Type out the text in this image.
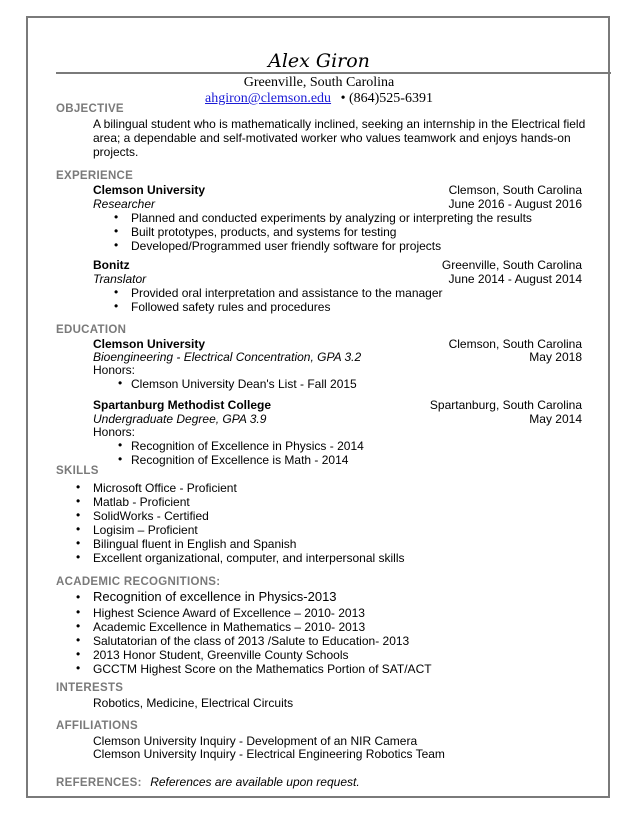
Alex Giron
Greenville, South Carolina
ahgiron@clemson.edu • (864)525-6391
OBJECTIVE
A bilingual student who is mathematically inclined, seeking an internship in the Electrical field area; a dependable and self-motivated worker who values teamwork and enjoys hands-on projects.
EXPERIENCE
Clemson University	Clemson, South Carolina
Researcher	June 2016 - August 2016
• Planned and conducted experiments by analyzing or interpreting the results
• Built prototypes, products, and systems for testing
• Developed/Programmed user friendly software for projects
Bonitz	Greenville, South Carolina
Translator	June 2014 - August 2014
• Provided oral interpretation and assistance to the manager
• Followed safety rules and procedures
EDUCATION
Clemson University	Clemson, South Carolina
Bioengineering - Electrical Concentration, GPA 3.2	May 2018
Honors:
• Clemson University Dean's List - Fall 2015
Spartanburg Methodist College	Spartanburg, South Carolina
Undergraduate Degree, GPA 3.9	May 2014
Honors:
• Recognition of Excellence in Physics - 2014
• Recognition of Excellence is Math - 2014
SKILLS
• Microsoft Office - Proficient
• Matlab - Proficient
• SolidWorks - Certified
• Logisim – Proficient
• Bilingual fluent in English and Spanish
• Excellent organizational, computer, and interpersonal skills
ACADEMIC RECOGNITIONS:
• Recognition of excellence in Physics-2013
• Highest Science Award of Excellence – 2010- 2013
• Academic Excellence in Mathematics – 2010- 2013
• Salutatorian of the class of 2013 /Salute to Education- 2013
• 2013 Honor Student, Greenville County Schools
• GCCTM Highest Score on the Mathematics Portion of SAT/ACT
INTERESTS
Robotics, Medicine, Electrical Circuits
AFFILIATIONS
Clemson University Inquiry - Development of an NIR Camera
Clemson University Inquiry - Electrical Engineering Robotics Team
REFERENCES: References are available upon request.
